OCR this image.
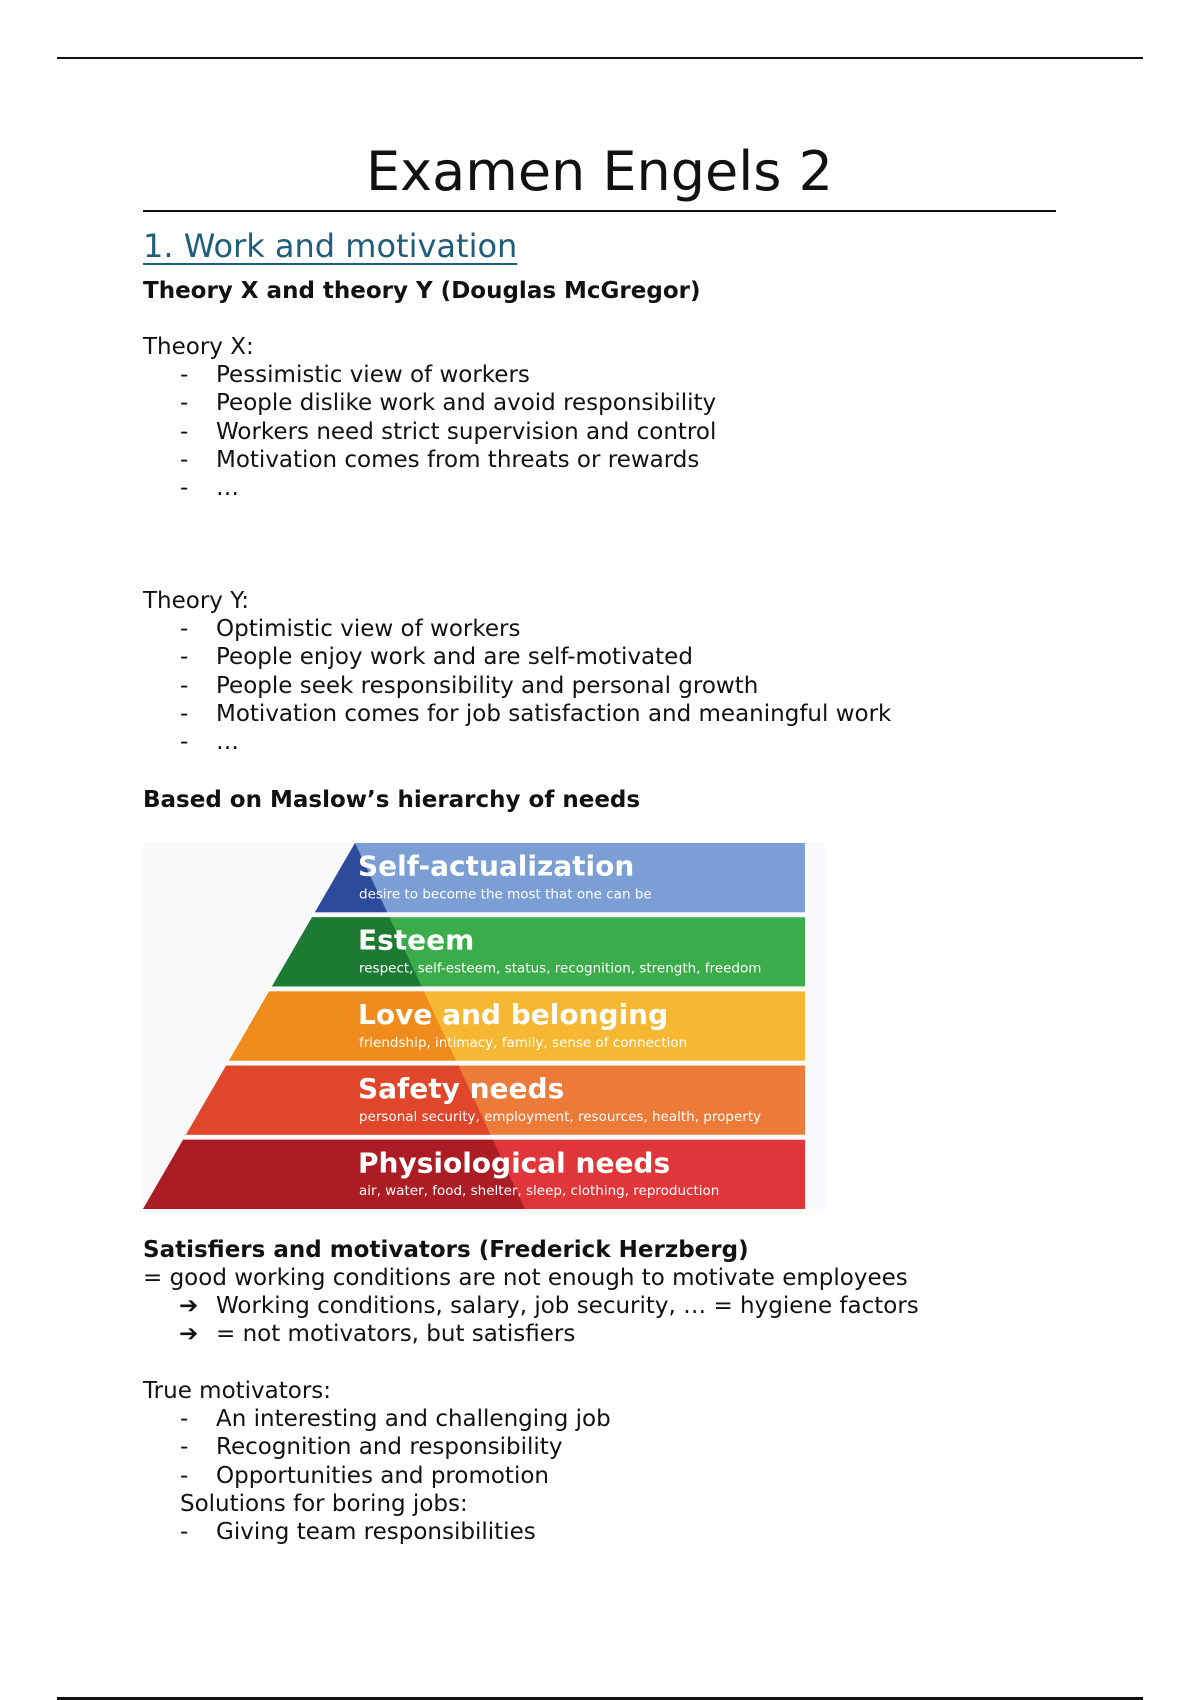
Examen Engels 2
1. Work and motivation
Theory X and theory Y (Douglas McGregor)
Theory X:
- Pessimistic view of workers
- People dislike work and avoid responsibility
- Workers need strict supervision and control
- Motivation comes from threats or rewards
- …
Theory Y:
- Optimistic view of workers
- People enjoy work and are self-motivated
- People seek responsibility and personal growth
- Motivation comes for job satisfaction and meaningful work
- …
Based on Maslow’s hierarchy of needs
Self-actualization
desire to become the most that one can be
Esteem
respect, self-esteem, status, recognition, strength, freedom
Love and belonging
friendship, intimacy, family, sense of connection
Safety needs
personal security, employment, resources, health, property
Physiological needs
air, water, food, shelter, sleep, clothing, reproduction
Satisfiers and motivators (Frederick Herzberg)
= good working conditions are not enough to motivate employees
➔ Working conditions, salary, job security, … = hygiene factors
➔ = not motivators, but satisfiers
True motivators:
- An interesting and challenging job
- Recognition and responsibility
- Opportunities and promotion
Solutions for boring jobs:
- Giving team responsibilities
